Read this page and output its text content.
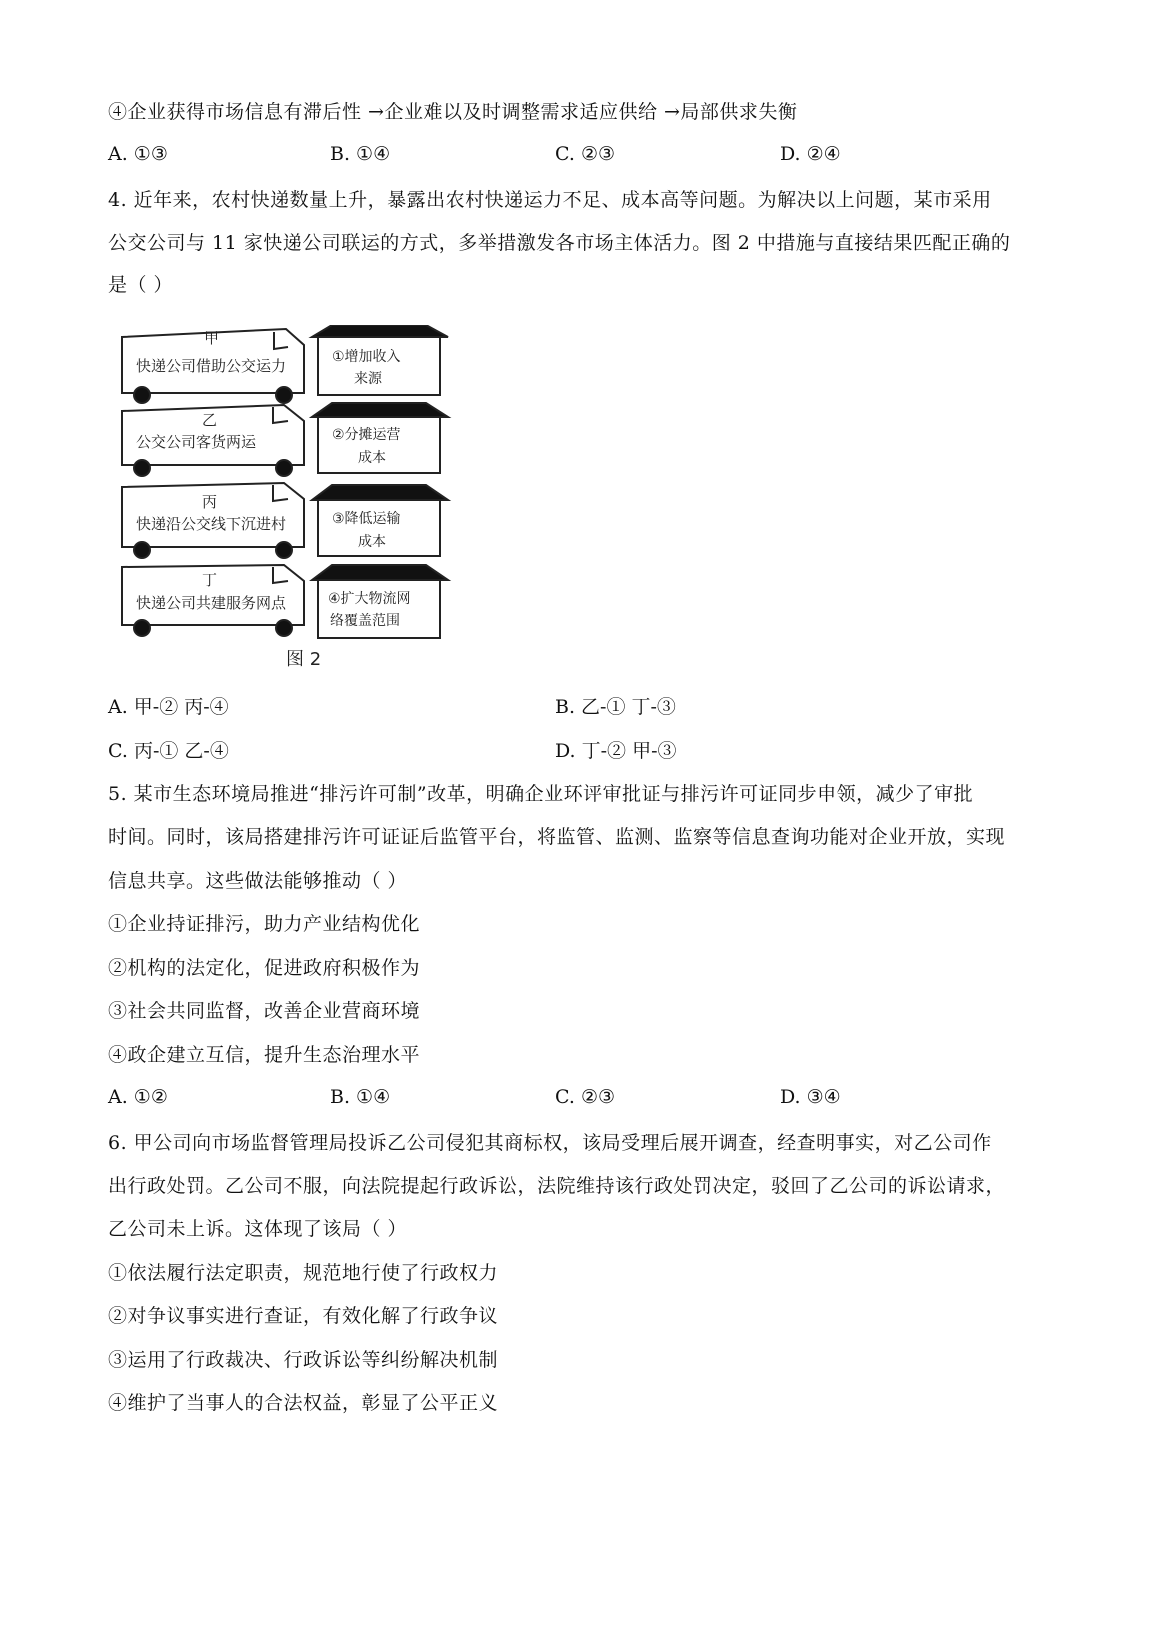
④企业获得市场信息有滞后性 →企业难以及时调整需求适应供给 →局部供求失衡
A. ①③	B. ①④	C. ②③	D. ②④
4. 近年来，农村快递数量上升，暴露出农村快递运力不足、成本高等问题。为解决以上问题，某市采用
公交公司与 11 家快递公司联运的方式，多举措激发各市场主体活力。图 2 中措施与直接结果匹配正确的
是（ ）
甲
快递公司借助公交运力
乙
公交公司客货两运
丙
快递沿公交线下沉进村
丁
快递公司共建服务网点
①增加收入
来源
②分摊运营
成本
③降低运输
成本
④扩大物流网
络覆盖范围
图 2
A. 甲-② 丙-④	B. 乙-① 丁-③
C. 丙-① 乙-④	D. 丁-② 甲-③
5. 某市生态环境局推进“排污许可制”改革，明确企业环评审批证与排污许可证同步申领，减少了审批
时间。同时，该局搭建排污许可证证后监管平台，将监管、监测、监察等信息查询功能对企业开放，实现
信息共享。这些做法能够推动（ ）
①企业持证排污，助力产业结构优化
②机构的法定化，促进政府积极作为
③社会共同监督，改善企业营商环境
④政企建立互信，提升生态治理水平
A. ①②	B. ①④	C. ②③	D. ③④
6. 甲公司向市场监督管理局投诉乙公司侵犯其商标权，该局受理后展开调查，经查明事实，对乙公司作
出行政处罚。乙公司不服，向法院提起行政诉讼，法院维持该行政处罚决定，驳回了乙公司的诉讼请求，
乙公司未上诉。这体现了该局（ ）
①依法履行法定职责，规范地行使了行政权力
②对争议事实进行查证，有效化解了行政争议
③运用了行政裁决、行政诉讼等纠纷解决机制
④维护了当事人的合法权益，彰显了公平正义
